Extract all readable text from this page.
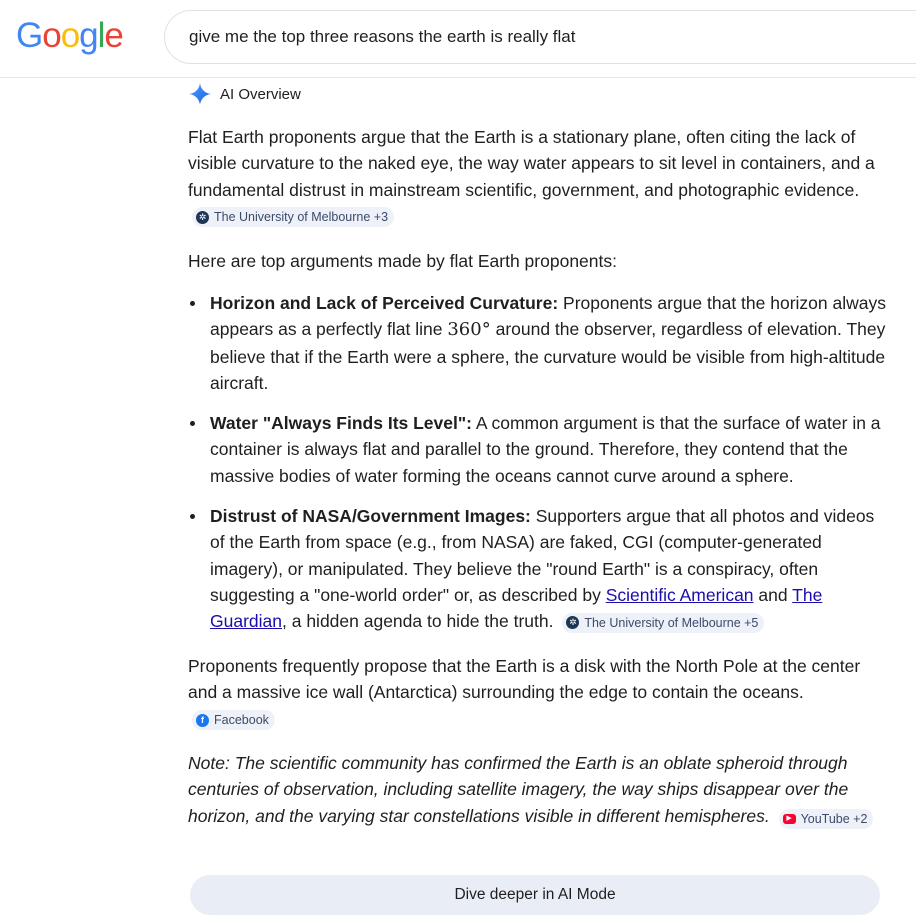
Google
give me the top three reasons the earth is really flat
AI Overview
Flat Earth proponents argue that the Earth is a stationary plane, often citing the lack of visible curvature to the naked eye, the way water appears to sit level in containers, and a fundamental distrust in mainstream scientific, government, and photographic evidence.
✲ The University of Melbourne +3
Here are top arguments made by flat Earth proponents:
Horizon and Lack of Perceived Curvature: Proponents argue that the horizon always appears as a perfectly flat line 360° around the observer, regardless of elevation. They believe that if the Earth were a sphere, the curvature would be visible from high-altitude aircraft.
Water "Always Finds Its Level": A common argument is that the surface of water in a container is always flat and parallel to the ground. Therefore, they contend that the massive bodies of water forming the oceans cannot curve around a sphere.
Distrust of NASA/Government Images: Supporters argue that all photos and videos of the Earth from space (e.g., from NASA) are faked, CGI (computer-generated imagery), or manipulated. They believe the "round Earth" is a conspiracy, often suggesting a "one-world order" or, as described by Scientific American and The Guardian, a hidden agenda to hide the truth.	✲ The University of Melbourne +5
Proponents frequently propose that the Earth is a disk with the North Pole at the center and a massive ice wall (Antarctica) surrounding the edge to contain the oceans.
f Facebook
Note: The scientific community has confirmed the Earth is an oblate spheroid through centuries of observation, including satellite imagery, the way ships disappear over the horizon, and the varying star constellations visible in different hemispheres.	▶ YouTube +2
Dive deeper in AI Mode
